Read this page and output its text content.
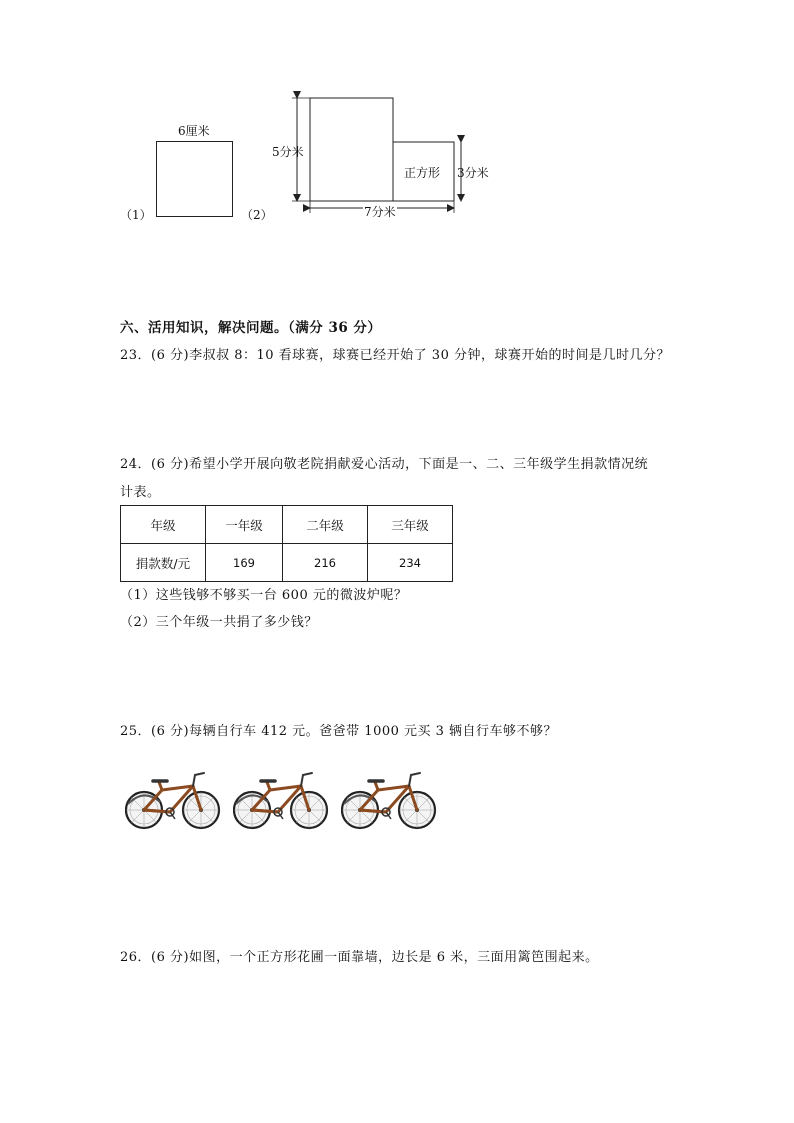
6厘米
（1）	（2）
5分米
正方形 3分米
7分米
六、活用知识，解决问题。（满分 36 分）
23．(6 分)李叔叔 8：10 看球赛，球赛已经开始了 30 分钟，球赛开始的时间是几时几分？
24．(6 分)希望小学开展向敬老院捐献爱心活动，下面是一、二、三年级学生捐款情况统
计表。
年级	一年级	二年级	三年级
捐款数/元	169	216	234
（1）这些钱够不够买一台 600 元的微波炉呢？
（2）三个年级一共捐了多少钱？
25．(6 分)每辆自行车 412 元。爸爸带 1000 元买 3 辆自行车够不够？
26．(6 分)如图，一个正方形花圃一面靠墙，边长是 6 米，三面用篱笆围起来。
